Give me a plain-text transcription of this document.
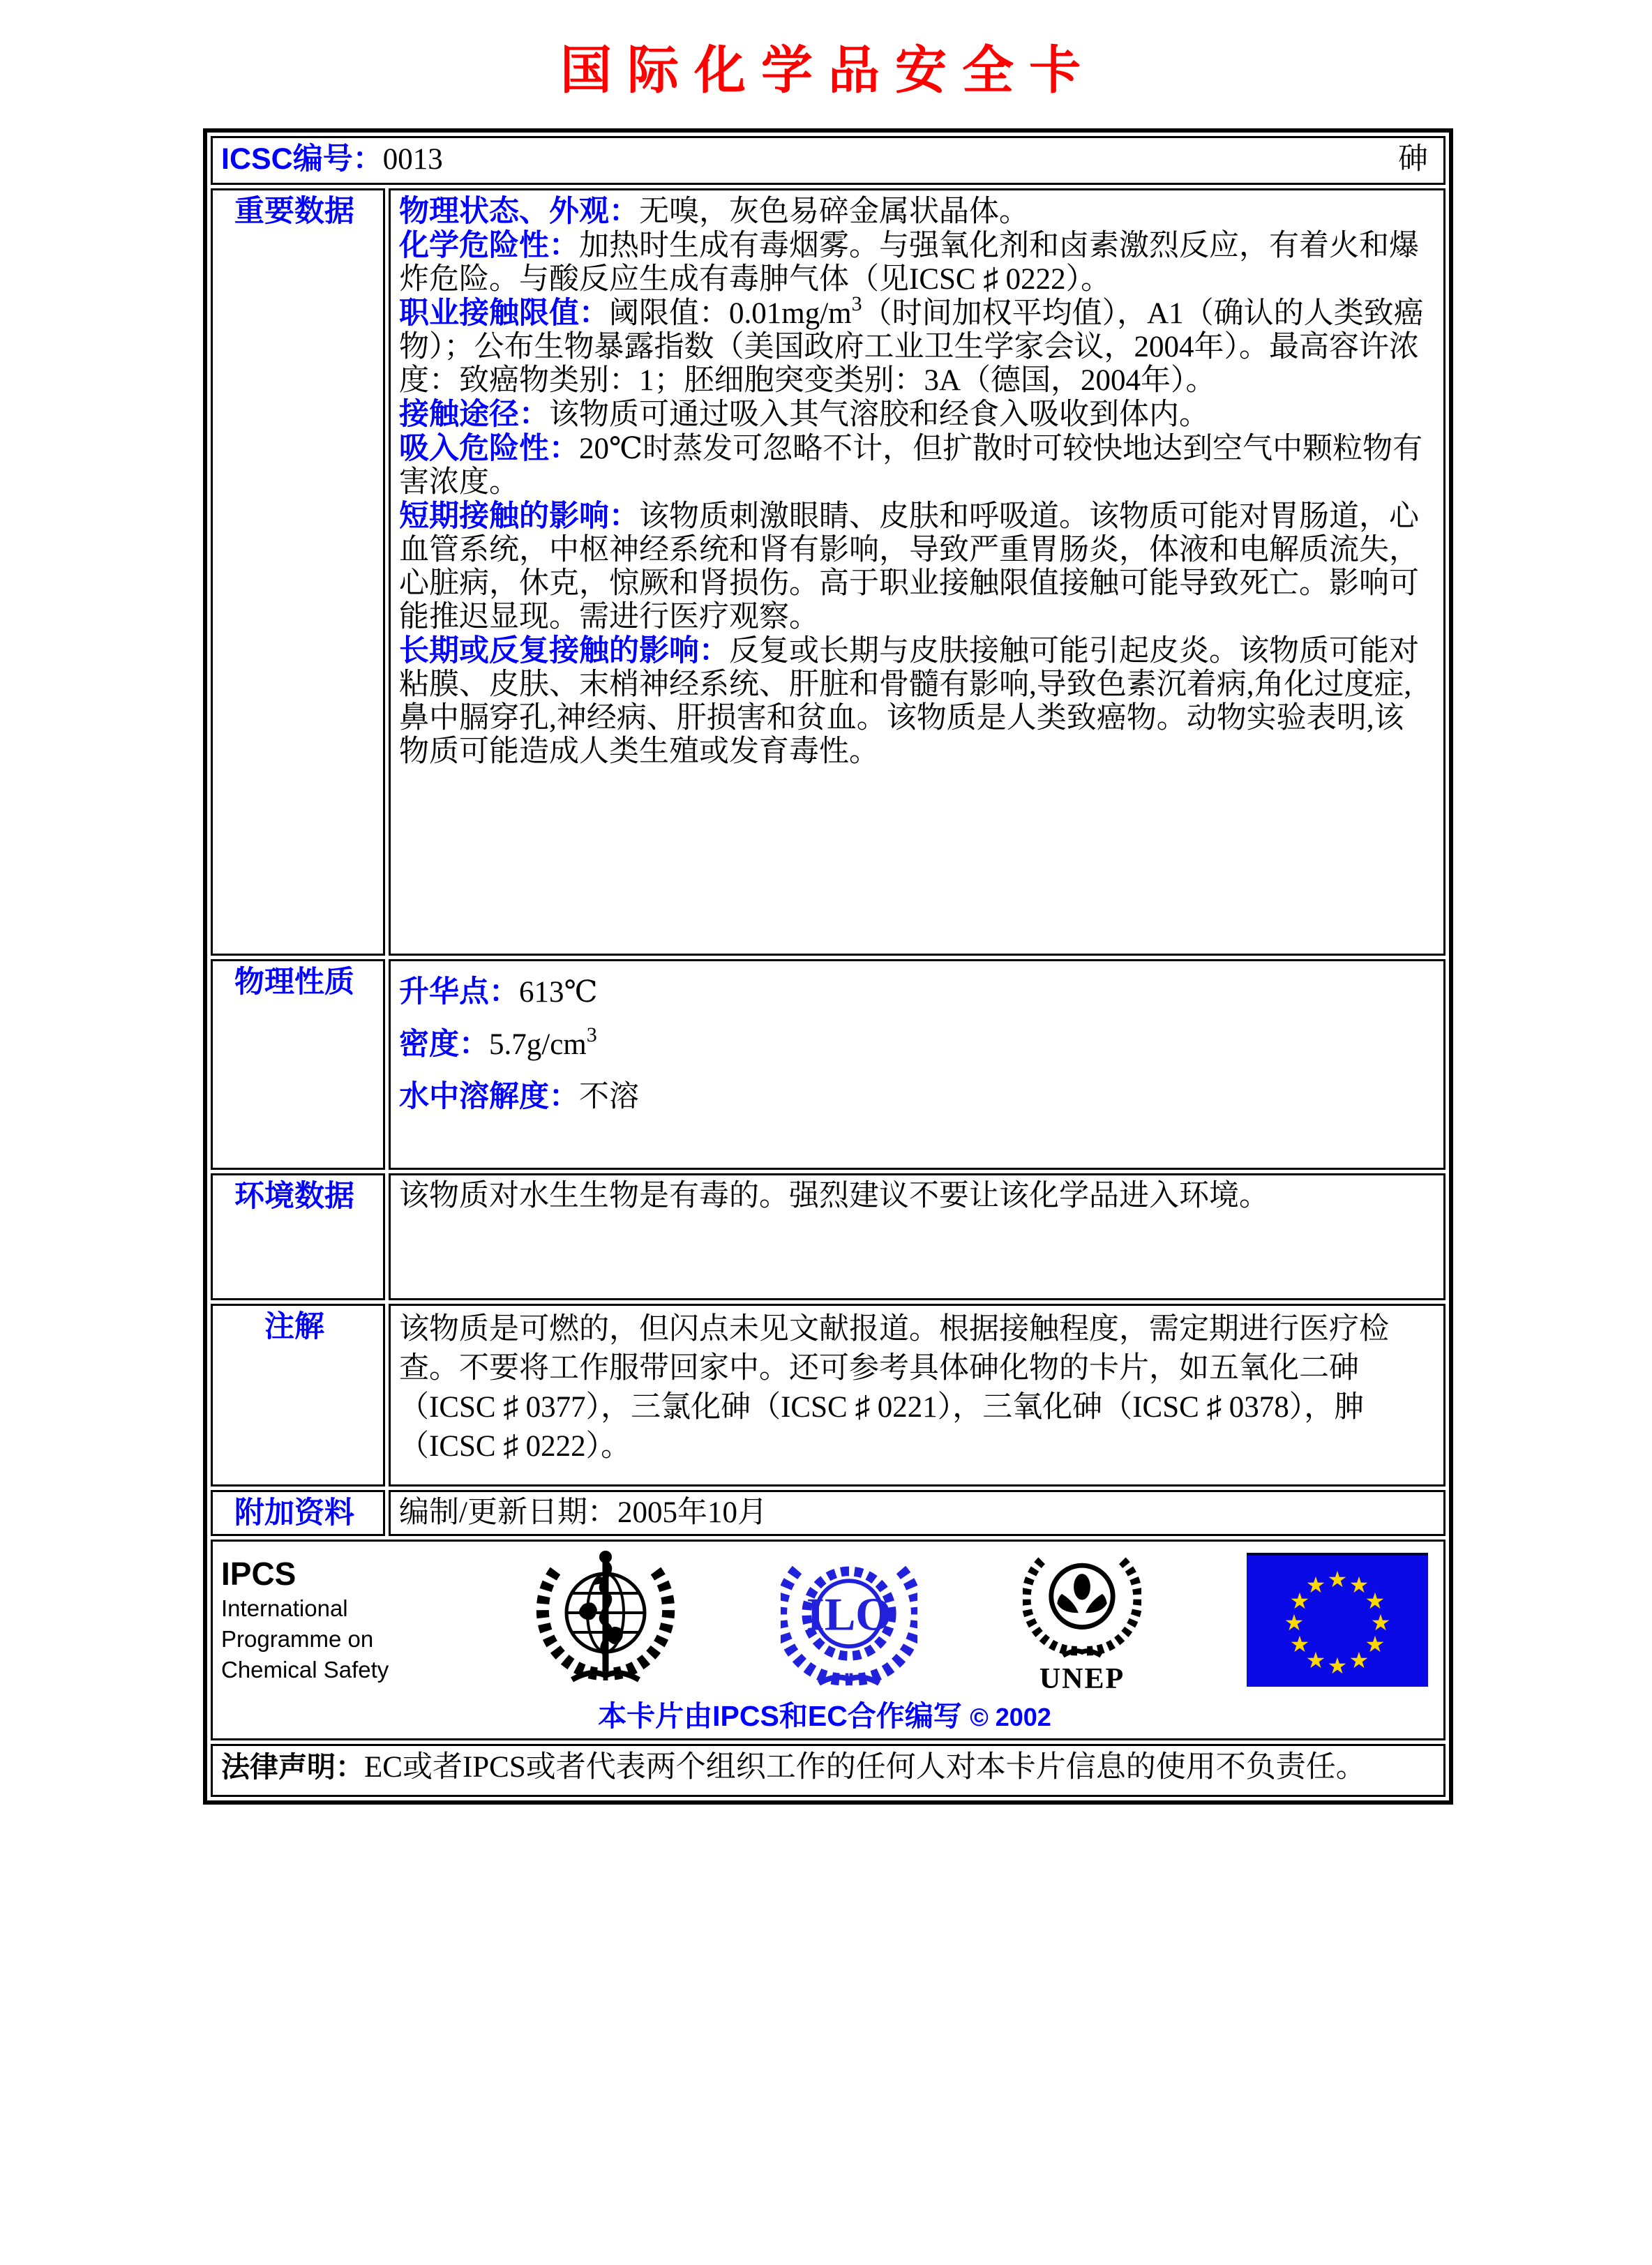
国际化学品安全卡
ICSC编号：0013 砷	

重要数据	物理状态、外观：无嗅，灰色易碎金属状晶体。

化学危险性：加热时生成有毒烟雾。与强氧化剂和卤素激烈反应，有着火和爆炸危险。与酸反应生成有毒胂气体（见ICSC ♯ 0222）。

职业接触限值：阈限值：$0.01mg/m^3$（时间加权平均值），A1（确认的人类致癌物）；公布生物暴露指数（美国政府工业卫生学家会议，2004年）。最高容许浓度：致癌物类别：1；胚细胞突变类别：3A（德国，2004年）。

接触途径：该物质可通过吸入其气溶胶和经食入吸收到体内。

吸入危险性：20℃时蒸发可忽略不计，但扩散时可较快地达到空气中颗粒物有害浓度。

短期接触的影响：该物质刺激眼睛、皮肤和呼吸道。该物质可能对胃肠道，心血管系统，中枢神经系统和肾有影响，导致严重胃肠炎，体液和电解质流失，心脏病，休克，惊厥和肾损伤。高于职业接触限值接触可能导致死亡。影响可能推迟显现。需进行医疗观察。

长期或反复接触的影响：反复或长期与皮肤接触可能引起皮炎。该物质可能对粘膜、皮肤、末梢神经系统、肝脏和骨髓有影响,导致色素沉着病,角化过度症,鼻中膈穿孔,神经病、肝损害和贫血。该物质是人类致癌物。动物实验表明,该物质可能造成人类生殖或发育毒性。

物理性质	升华点：613℃
密度：$5.7g/cm^3$
水中溶解度：不溶

环境数据	该物质对水生生物是有毒的。强烈建议不要让该化学品进入环境。

注解	该物质是可燃的，但闪点未见文献报道。根据接触程度，需定期进行医疗检查。不要将工作服带回家中。还可参考具体砷化物的卡片，如五氧化二砷（ICSC ♯ 0377），三氯化砷（ICSC ♯ 0221），三氧化砷（ICSC ♯ 0378），胂（ICSC ♯ 0222）。

附加资料	编制/更新日期：2005年10月

IPCS
International
Programme on
Chemical Safety
ILO
UNEP
★ ★
★
★
★
★
★
★
★
★
★
★
本卡片由IPCS和EC合作编写 © 2002

法律声明：EC或者IPCS或者代表两个组织工作的任何人对本卡片信息的使用不负责任。	
